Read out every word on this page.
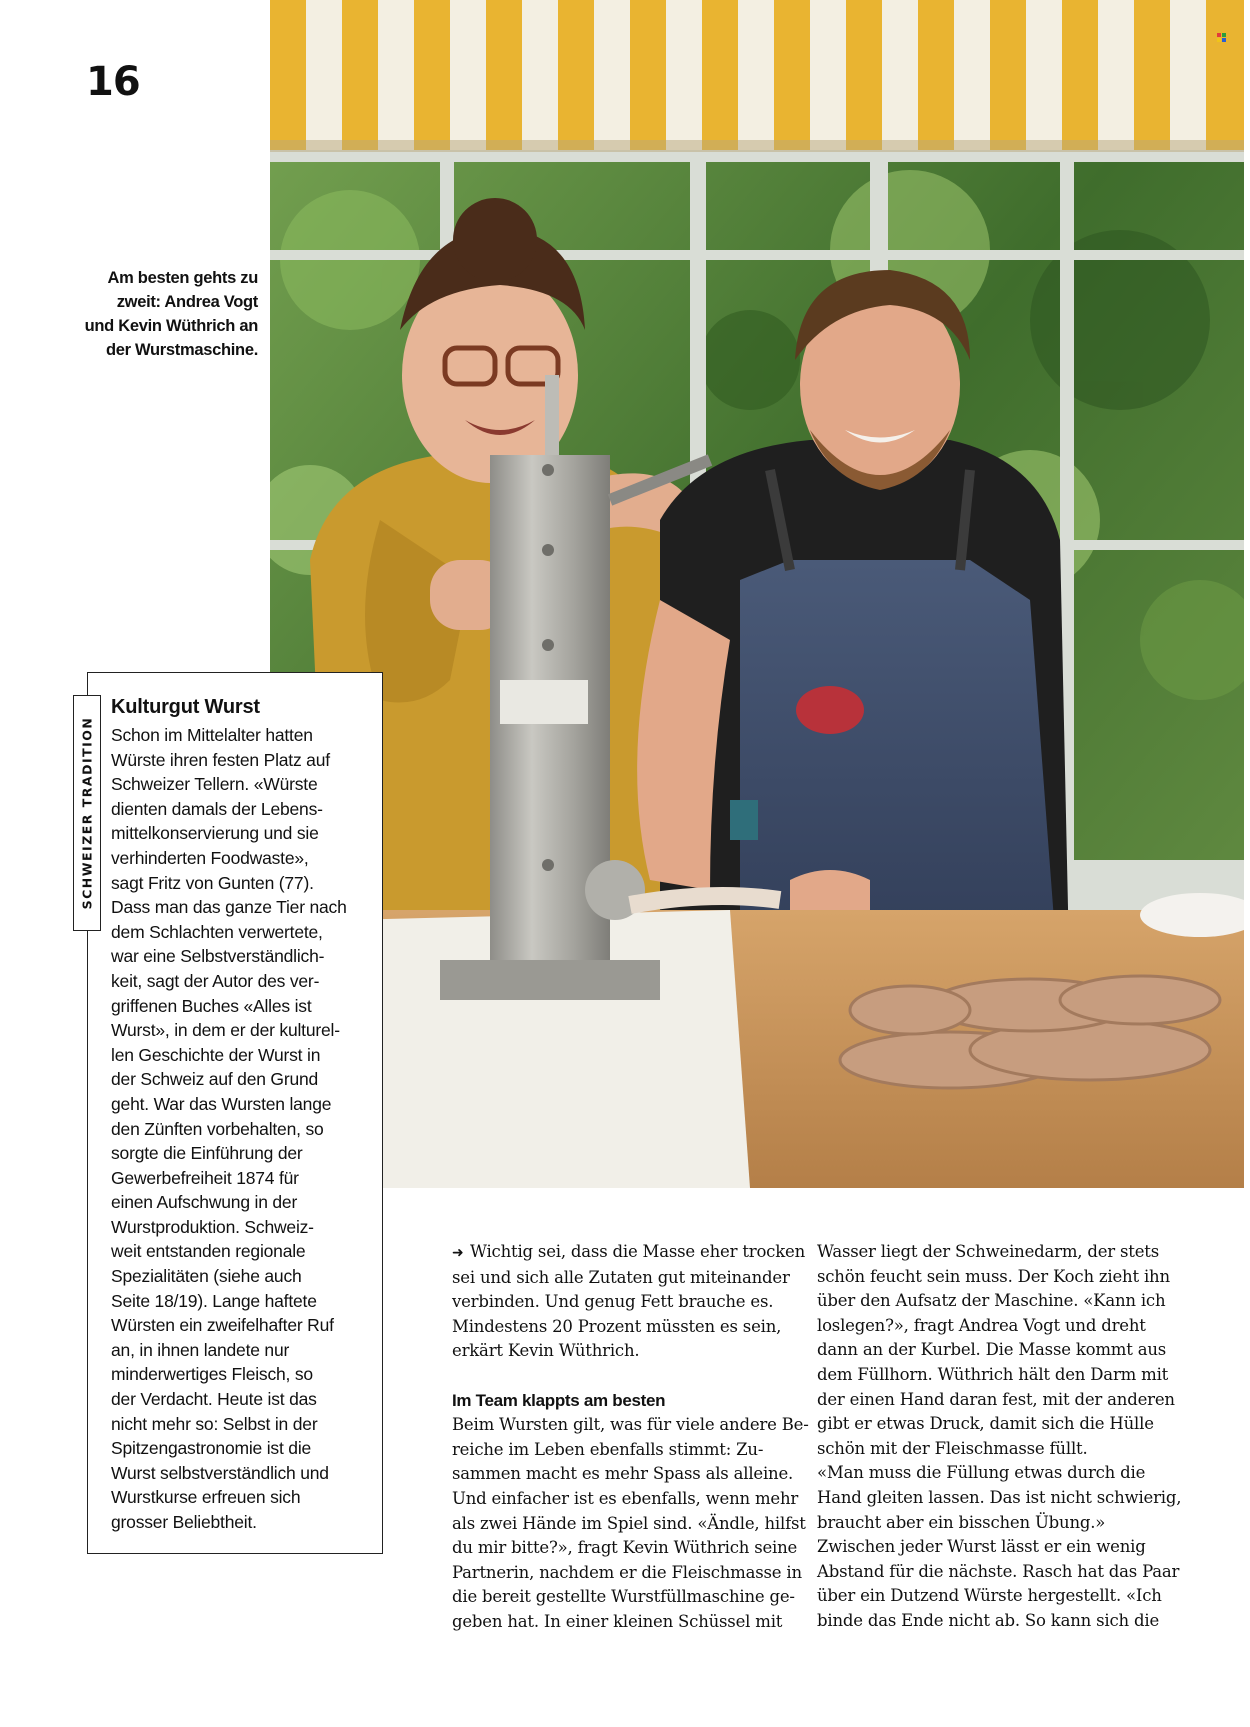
16
Am besten gehts zu
zweit: Andrea Vogt
und Kevin Wüthrich an
der Wurstmaschine.
SCHWEIZER TRADITION
Kulturgut Wurst
Schon im Mittelalter hatten
Würste ihren festen Platz auf
Schweizer Tellern. «Würste
dienten damals der Lebens-
mittelkonservierung und sie
verhinderten Foodwaste»,
sagt Fritz von Gunten (77).
Dass man das ganze Tier nach
dem Schlachten verwertete,
war eine Selbstverständlich-
keit, sagt der Autor des ver-
griffenen Buches «Alles ist
Wurst», in dem er der kulturel-
len Geschichte der Wurst in
der Schweiz auf den Grund
geht. War das Wursten lange
den Zünften vorbehalten, so
sorgte die Einführung der
Gewerbefreiheit 1874 für
einen Aufschwung in der
Wurstproduktion. Schweiz-
weit entstanden regionale
Spezialitäten (siehe auch
Seite 18/19). Lange haftete
Würsten ein zweifelhafter Ruf
an, in ihnen landete nur
minderwertiges Fleisch, so
der Verdacht. Heute ist das
nicht mehr so: Selbst in der
Spitzengastronomie ist die
Wurst selbstverständlich und
Wurstkurse erfreuen sich
grosser Beliebtheit.
➜ Wichtig sei, dass die Masse eher trocken
sei und sich alle Zutaten gut miteinander
verbinden. Und genug Fett brauche es.
Mindestens 20 Prozent müssten es sein,
erkärt Kevin Wüthrich.
Im Team klappts am besten
Beim Wursten gilt, was für viele andere Be-
reiche im Leben ebenfalls stimmt: Zu-
sammen macht es mehr Spass als alleine.
Und einfacher ist es ebenfalls, wenn mehr
als zwei Hände im Spiel sind. «Ändle, hilfst
du mir bitte?», fragt Kevin Wüthrich seine
Partnerin, nachdem er die Fleischmasse in
die bereit gestellte Wurstfüllmaschine ge-
geben hat. In einer kleinen Schüssel mit
Wasser liegt der Schweinedarm, der stets
schön feucht sein muss. Der Koch zieht ihn
über den Aufsatz der Maschine. «Kann ich
loslegen?», fragt Andrea Vogt und dreht
dann an der Kurbel. Die Masse kommt aus
dem Füllhorn. Wüthrich hält den Darm mit
der einen Hand daran fest, mit der anderen
gibt er etwas Druck, damit sich die Hülle
schön mit der Fleischmasse füllt.
«Man muss die Füllung etwas durch die
Hand gleiten lassen. Das ist nicht schwierig,
braucht aber ein bisschen Übung.»
Zwischen jeder Wurst lässt er ein wenig
Abstand für die nächste. Rasch hat das Paar
über ein Dutzend Würste hergestellt. «Ich
binde das Ende nicht ab. So kann sich die
